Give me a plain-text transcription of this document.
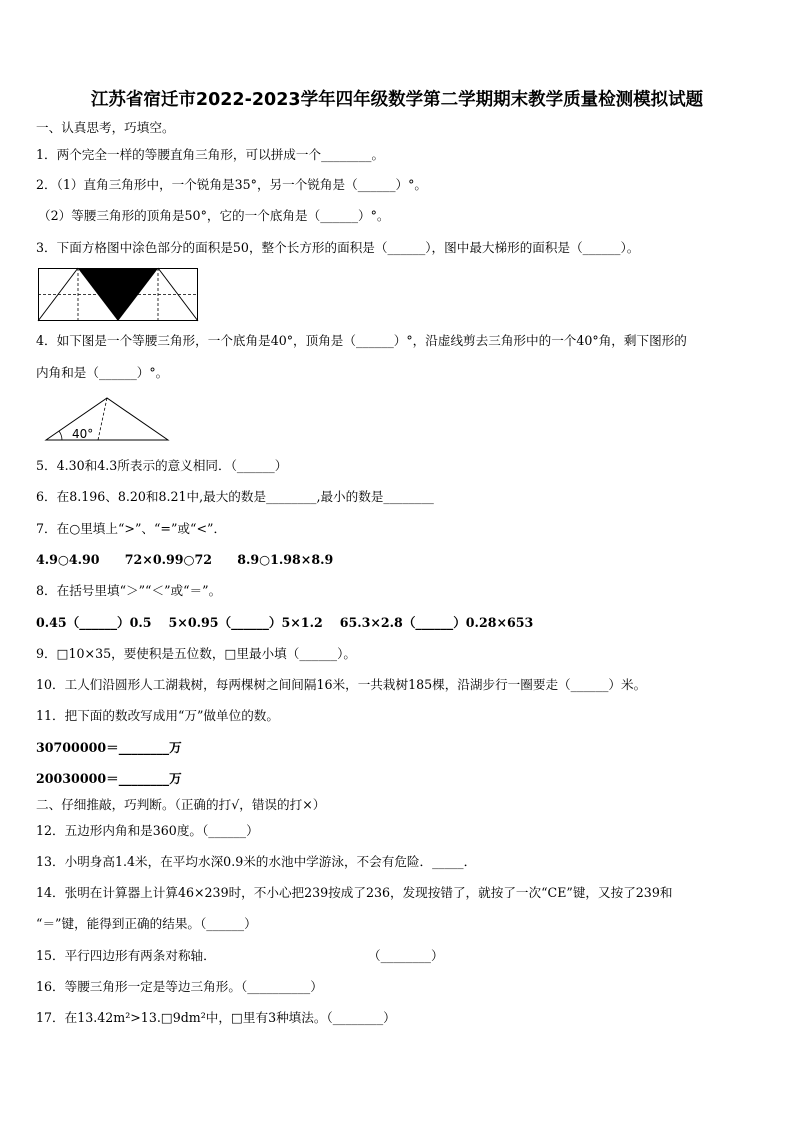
江苏省宿迁市2022-2023学年四年级数学第二学期期末教学质量检测模拟试题
一、认真思考，巧填空。
1．两个完全一样的等腰直角三角形，可以拼成一个________。
2．（1）直角三角形中，一个锐角是35°，另一个锐角是（______）°。
（2）等腰三角形的顶角是50°，它的一个底角是（______）°。
3．下面方格图中涂色部分的面积是50，整个长方形的面积是（______），图中最大梯形的面积是（______）。
4．如下图是一个等腰三角形，一个底角是40°，顶角是（______）°，沿虚线剪去三角形中的一个40°角，剩下图形的
内角和是（______）°。
40°
5．4.30和4.3所表示的意义相同．（______）
6．在8.196、8.20和8.21中,最大的数是________,最小的数是________
7．在○里填上“>”、“=”或“<”．
4.9○4.90　　72×0.99○72　　8.9○1.98×8.9
8．在括号里填“＞”“＜”或“＝”。
0.45（______）0.5　 5×0.95（______）5×1.2　 65.3×2.8（______）0.28×653
9．□10×35，要使积是五位数，□里最小填（______）。
10．工人们沿圆形人工湖栽树，每两棵树之间间隔16米，一共栽树185棵，沿湖步行一圈要走（______）米。
11．把下面的数改写成用“万”做单位的数。
30700000＝________万
20030000＝________万
二、仔细推敲，巧判断。（正确的打√，错误的打×）
12．五边形内角和是360度。（______）
13．小明身高1.4米，在平均水深0.9米的水池中学游泳，不会有危险．_____．
14．张明在计算器上计算46×239时，不小心把239按成了236，发现按错了，就按了一次“CE”键，又按了239和
“＝”键，能得到正确的结果。（______）
15．平行四边形有两条对称轴．	（________）
16．等腰三角形一定是等边三角形。（__________）
17．在13.42m²>13.□9dm²中，□里有3种填法。（________）
